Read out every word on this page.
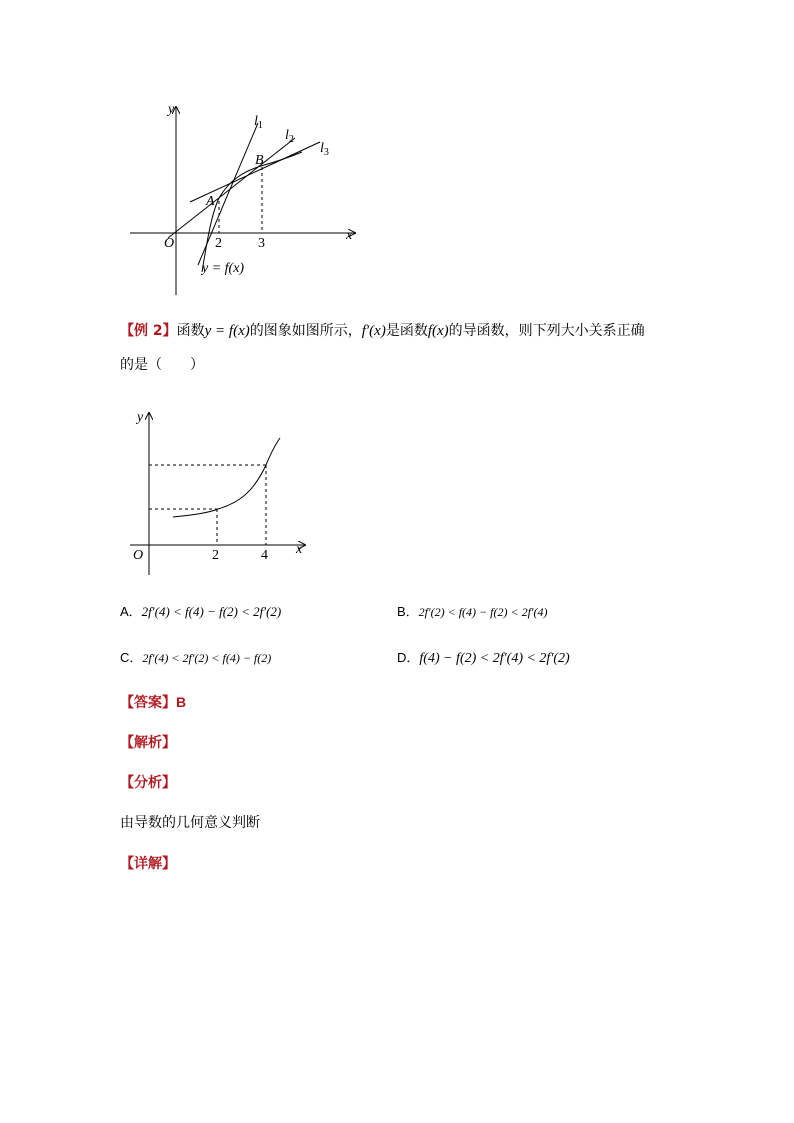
y
x
O
$l_1$
$l_2$
$l_3$
A
B
2	3
y = f(x)
【例 2】函数y = f(x)的图象如图所示，f′(x)是函数f(x)的导函数，则下列大小关系正确
的是（　　）
y
x
O	2	4
A．2f′(4) < f(4) − f(2) < 2f′(2)	B．2f′(2) < f(4) − f(2) < 2f′(4)
C．2f′(4) < 2f′(2) < f(4) − f(2)	D．f(4) − f(2) < 2f′(4) < 2f′(2)
【答案】B
【解析】
【分析】
由导数的几何意义判断
【详解】
